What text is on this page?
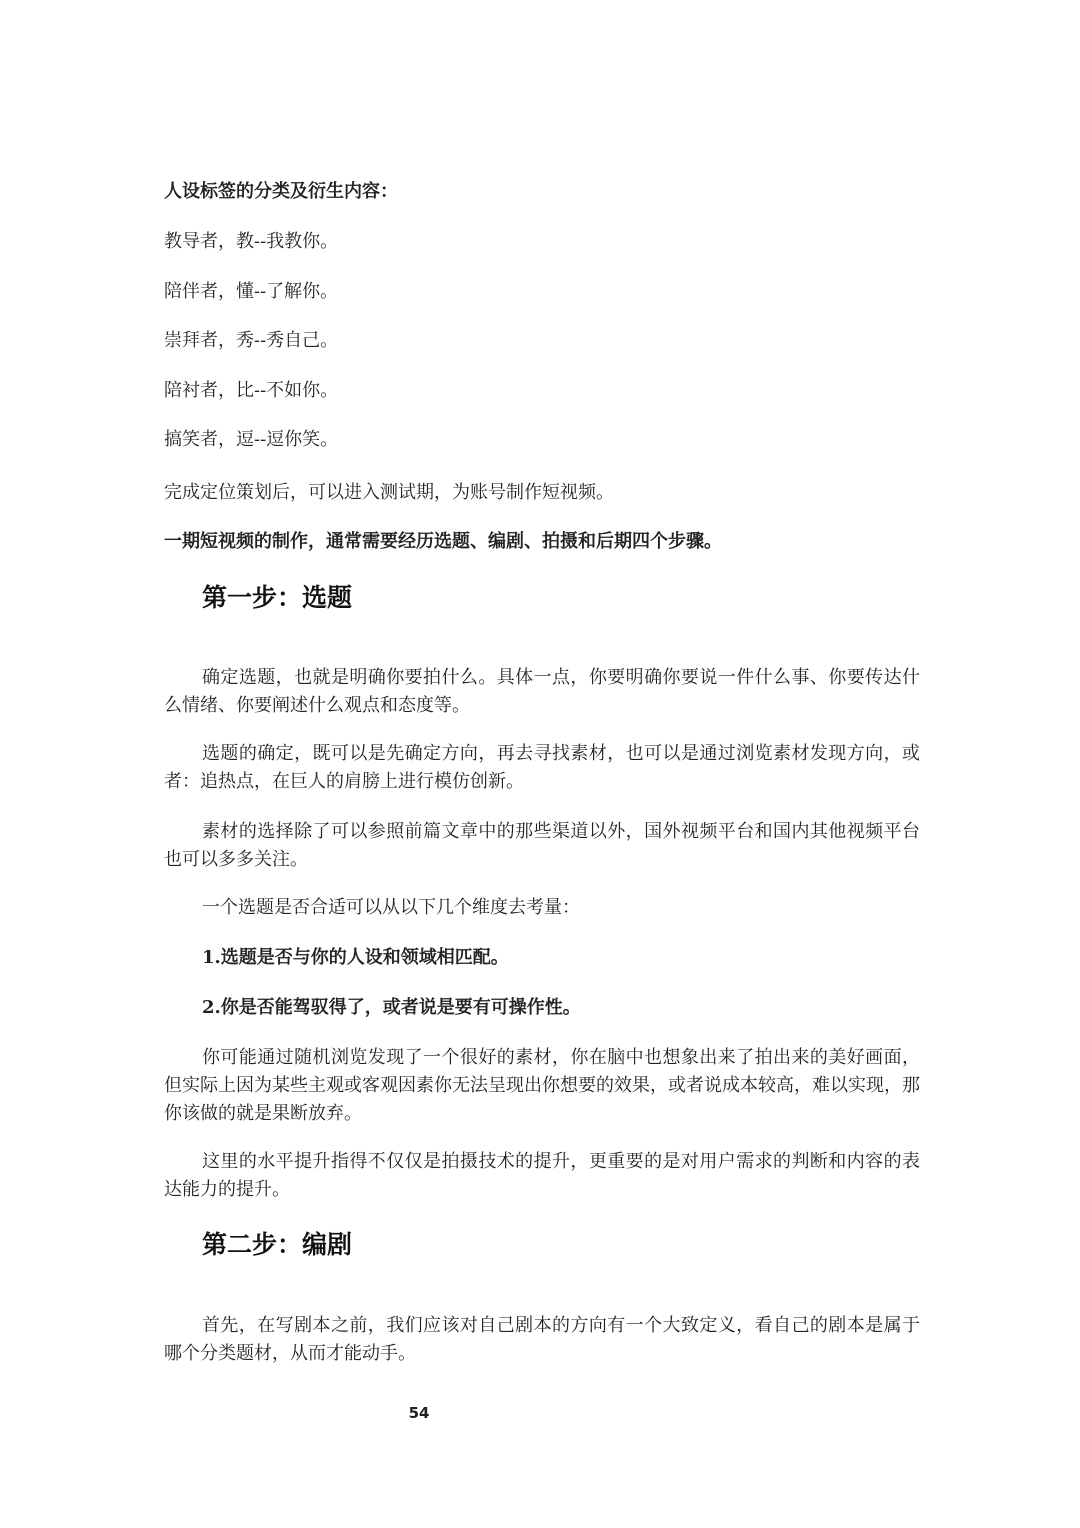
人设标签的分类及衍生内容：
教导者，教--我教你。
陪伴者，懂--了解你。
崇拜者，秀--秀自己。
陪衬者，比--不如你。
搞笑者，逗--逗你笑。
完成定位策划后，可以进入测试期，为账号制作短视频。
一期短视频的制作，通常需要经历选题、编剧、拍摄和后期四个步骤。
第一步：选题
确定选题，也就是明确你要拍什么。具体一点，你要明确你要说一件什么事、你要传达什么情绪、你要阐述什么观点和态度等。
选题的确定，既可以是先确定方向，再去寻找素材，也可以是通过浏览素材发现方向，或者：追热点，在巨人的肩膀上进行模仿创新。
素材的选择除了可以参照前篇文章中的那些渠道以外，国外视频平台和国内其他视频平台也可以多多关注。
一个选题是否合适可以从以下几个维度去考量：
1.选题是否与你的人设和领域相匹配。
2.你是否能驾驭得了，或者说是要有可操作性。
你可能通过随机浏览发现了一个很好的素材，你在脑中也想象出来了拍出来的美好画面，但实际上因为某些主观或客观因素你无法呈现出你想要的效果，或者说成本较高，难以实现，那你该做的就是果断放弃。
这里的水平提升指得不仅仅是拍摄技术的提升，更重要的是对用户需求的判断和内容的表达能力的提升。
第二步：编剧
首先，在写剧本之前，我们应该对自己剧本的方向有一个大致定义，看自己的剧本是属于哪个分类题材，从而才能动手。
54
